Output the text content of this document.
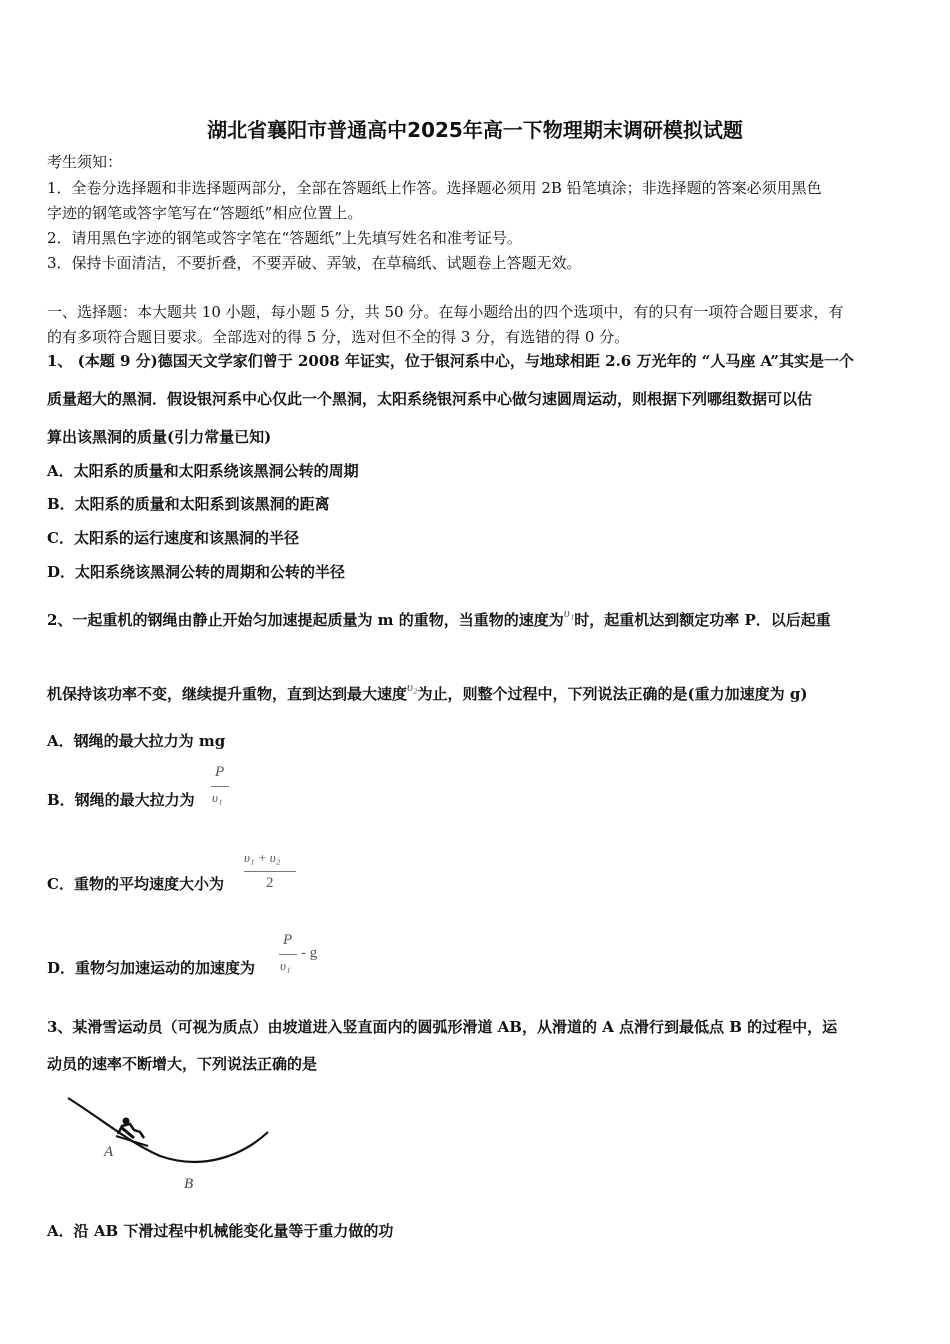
湖北省襄阳市普通高中2025年高一下物理期末调研模拟试题
考生须知：
1．全卷分选择题和非选择题两部分，全部在答题纸上作答。选择题必须用 2B 铅笔填涂；非选择题的答案必须用黑色
字迹的钢笔或答字笔写在“答题纸”相应位置上。
2．请用黑色字迹的钢笔或答字笔在“答题纸”上先填写姓名和准考证号。
3．保持卡面清洁，不要折叠，不要弄破、弄皱，在草稿纸、试题卷上答题无效。
一、选择题：本大题共 10 小题，每小题 5 分，共 50 分。在每小题给出的四个选项中，有的只有一项符合题目要求，有
的有多项符合题目要求。全部选对的得 5 分，选对但不全的得 3 分，有选错的得 0 分。
1、 (本题 9 分)德国天文学家们曾于 2008 年证实，位于银河系中心，与地球相距 2.6 万光年的 “人马座 A”其实是一个
质量超大的黑洞．假设银河系中心仅此一个黑洞，太阳系绕银河系中心做匀速圆周运动，则根据下列哪组数据可以估
算出该黑洞的质量(引力常量已知)
A．太阳系的质量和太阳系绕该黑洞公转的周期
B．太阳系的质量和太阳系到该黑洞的距离
C．太阳系的运行速度和该黑洞的半径
D．太阳系绕该黑洞公转的周期和公转的半径
2、一起重机的钢绳由静止开始匀加速提起质量为 m 的重物，当重物的速度为υ₁时，起重机达到额定功率 P．以后起重
机保持该功率不变，继续提升重物，直到达到最大速度υ₂为止，则整个过程中，下列说法正确的是(重力加速度为 g)
A．钢绳的最大拉力为 mg
B．钢绳的最大拉力为
P
υ₁
C．重物的平均速度大小为
υ₁ + υ₂
2
D．重物匀加速运动的加速度为
P
υ₁
- g
3、某滑雪运动员（可视为质点）由坡道进入竖直面内的圆弧形滑道 AB，从滑道的 A 点滑行到最低点 B 的过程中，运
动员的速率不断增大，下列说法正确的是
A
B
A．沿 AB 下滑过程中机械能变化量等于重力做的功
